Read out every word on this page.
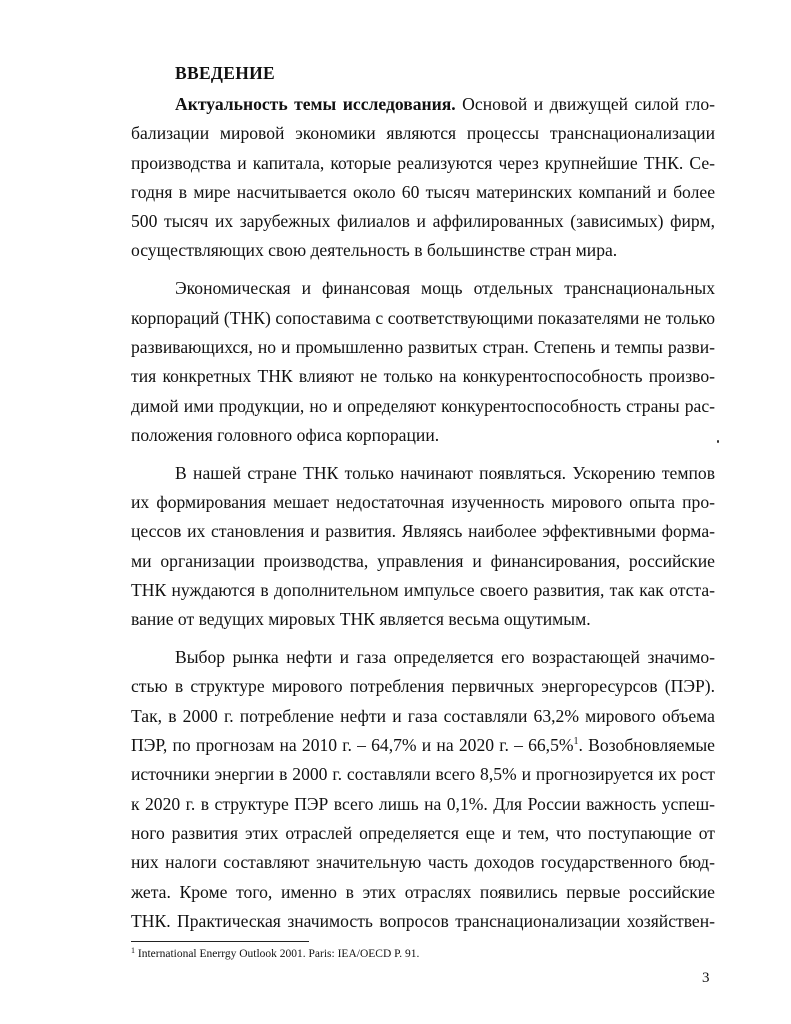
ВВЕДЕНИЕ
Актуальность темы исследования. Основой и движущей силой гло-
бализации мировой экономики являются процессы транснационализации
производства и капитала, которые реализуются через крупнейшие ТНК. Се-
годня в мире насчитывается около 60 тысяч материнских компаний и более
500 тысяч их зарубежных филиалов и аффилированных (зависимых) фирм,
осуществляющих свою деятельность в большинстве стран мира.
Экономическая и финансовая мощь отдельных транснациональных
корпораций (ТНК) сопоставима с соответствующими показателями не только
развивающихся, но и промышленно развитых стран. Степень и темпы разви-
тия конкретных ТНК влияют не только на конкурентоспособность произво-
димой ими продукции, но и определяют конкурентоспособность страны рас-
положения головного офиса корпорации.
В нашей стране ТНК только начинают появляться. Ускорению темпов
их формирования мешает недостаточная изученность мирового опыта про-
цессов их становления и развития. Являясь наиболее эффективными форма-
ми организации производства, управления и финансирования, российские
ТНК нуждаются в дополнительном импульсе своего развития, так как отста-
вание от ведущих мировых ТНК является весьма ощутимым.
Выбор рынка нефти и газа определяется его возрастающей значимо-
стью в структуре мирового потребления первичных энергоресурсов (ПЭР).
Так, в 2000 г. потребление нефти и газа составляли 63,2% мирового объема
ПЭР, по прогнозам на 2010 г. – 64,7% и на 2020 г. – 66,5%$^1$. Возобновляемые
источники энергии в 2000 г. составляли всего 8,5% и прогнозируется их рост
к 2020 г. в структуре ПЭР всего лишь на 0,1%. Для России важность успеш-
ного развития этих отраслей определяется еще и тем, что поступающие от
них налоги составляют значительную часть доходов государственного бюд-
жета. Кроме того, именно в этих отраслях появились первые российские
ТНК. Практическая значимость вопросов транснационализации хозяйствен-
$^1$ International Enerrgy Outlook 2001. Paris: IEA/OECD P. 91.
3
